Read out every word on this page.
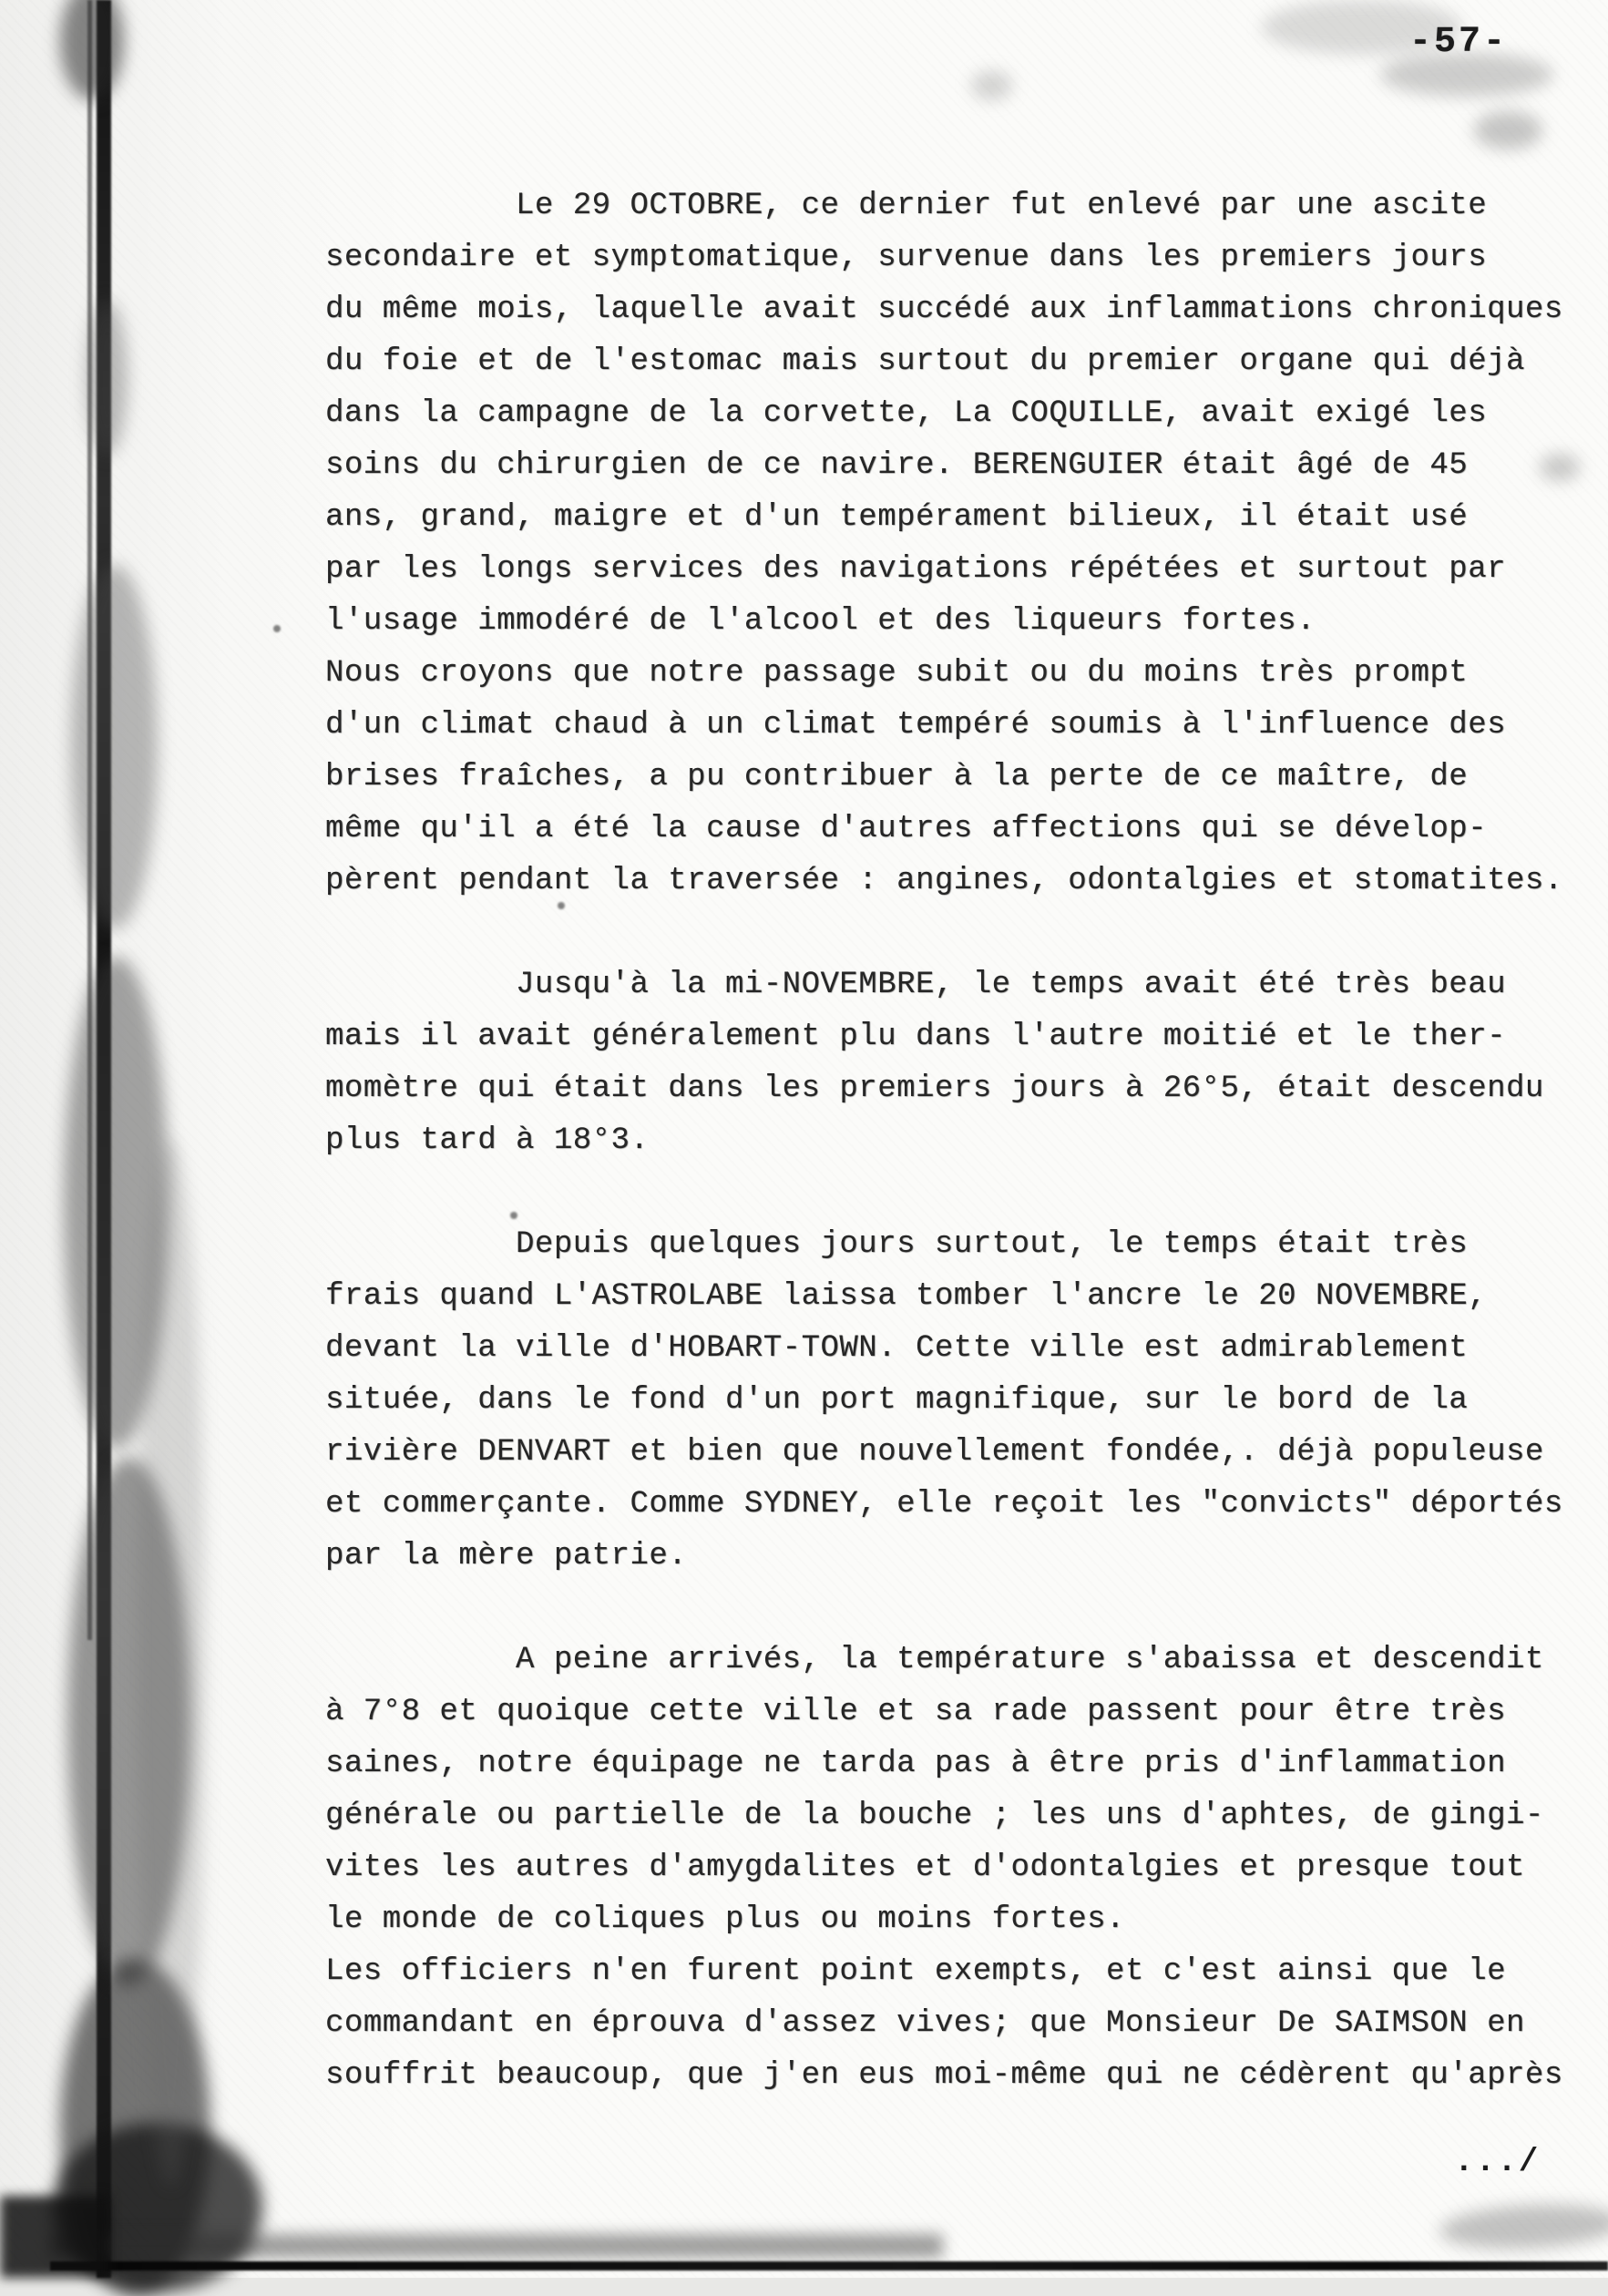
-57-
Le 29 OCTOBRE, ce dernier fut enlevé par une ascite
secondaire et symptomatique, survenue dans les premiers jours
du même mois, laquelle avait succédé aux inflammations chroniques
du foie et de l'estomac mais surtout du premier organe qui déjà
dans la campagne de la corvette, La COQUILLE, avait exigé les
soins du chirurgien de ce navire. BERENGUIER était âgé de 45
ans, grand, maigre et d'un tempérament bilieux, il était usé
par les longs services des navigations répétées et surtout par
l'usage immodéré de l'alcool et des liqueurs fortes.
Nous croyons que notre passage subit ou du moins très prompt
d'un climat chaud à un climat tempéré soumis à l'influence des
brises fraîches, a pu contribuer à la perte de ce maître, de
même qu'il a été la cause d'autres affections qui se dévelop-
pèrent pendant la traversée : angines, odontalgies et stomatites.
Jusqu'à la mi-NOVEMBRE, le temps avait été très beau
mais il avait généralement plu dans l'autre moitié et le ther-
momètre qui était dans les premiers jours à 26°5, était descendu
plus tard à 18°3.
Depuis quelques jours surtout, le temps était très
frais quand L'ASTROLABE laissa tomber l'ancre le 20 NOVEMBRE,
devant la ville d'HOBART-TOWN. Cette ville est admirablement
située, dans le fond d'un port magnifique, sur le bord de la
rivière DENVART et bien que nouvellement fondée,. déjà populeuse
et commerçante. Comme SYDNEY, elle reçoit les "convicts" déportés
par la mère patrie.
A peine arrivés, la température s'abaissa et descendit
à 7°8 et quoique cette ville et sa rade passent pour être très
saines, notre équipage ne tarda pas à être pris d'inflammation
générale ou partielle de la bouche ; les uns d'aphtes, de gingi-
vites les autres d'amygdalites et d'odontalgies et presque tout
le monde de coliques plus ou moins fortes.
Les officiers n'en furent point exempts, et c'est ainsi que le
commandant en éprouva d'assez vives; que Monsieur De SAIMSON en
souffrit beaucoup, que j'en eus moi-même qui ne cédèrent qu'après
.../
